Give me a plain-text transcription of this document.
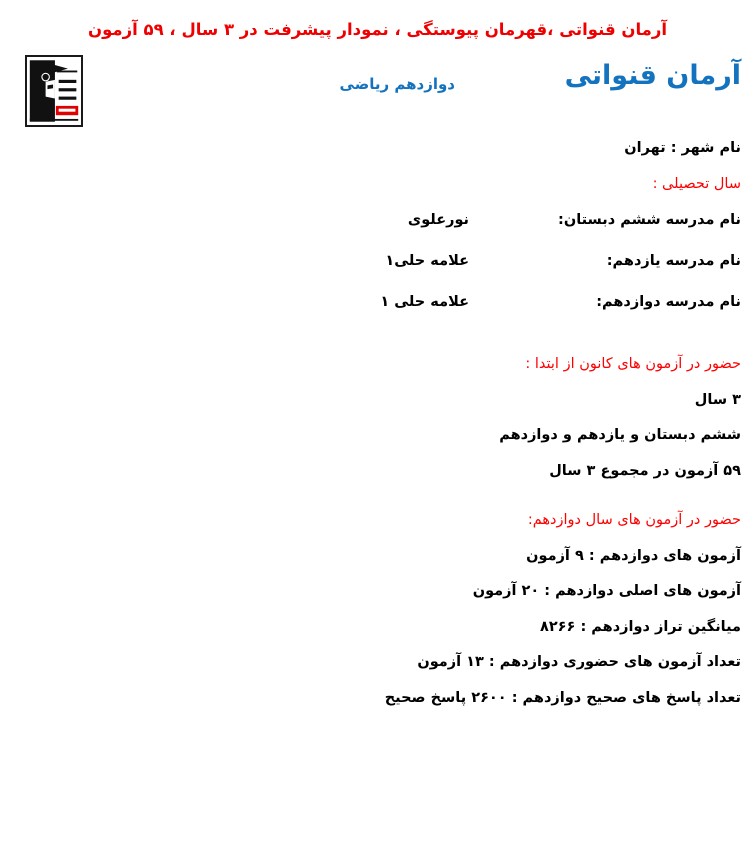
آرمان قنواتی ،قهرمان پیوستگی ، نمودار پیشرفت در ۳ سال ، ۵۹ آزمون
آرمان قنواتی
دوازدهم ریاضی
نام شهر : تهران
سال تحصیلی :
نام مدرسه ششم دبستان:
نورعلوی
نام مدرسه یازدهم:
علامه حلی۱
نام مدرسه دوازدهم:
علامه حلی ۱
حضور در آزمون های کانون از ابتدا :
۳ سال
ششم دبستان و یازدهم و دوازدهم
۵۹ آزمون در مجموع ۳ سال
حضور در آزمون های سال دوازدهم:
آزمون های دوازدهم : ۹ آزمون
آزمون های اصلی دوازدهم : ۲۰ آزمون
میانگین تراز دوازدهم : ۸۲۶۶
تعداد آزمون های حضوری دوازدهم : ۱۳ آزمون
تعداد پاسخ های صحیح دوازدهم : ۲۶۰۰ پاسخ صحیح
